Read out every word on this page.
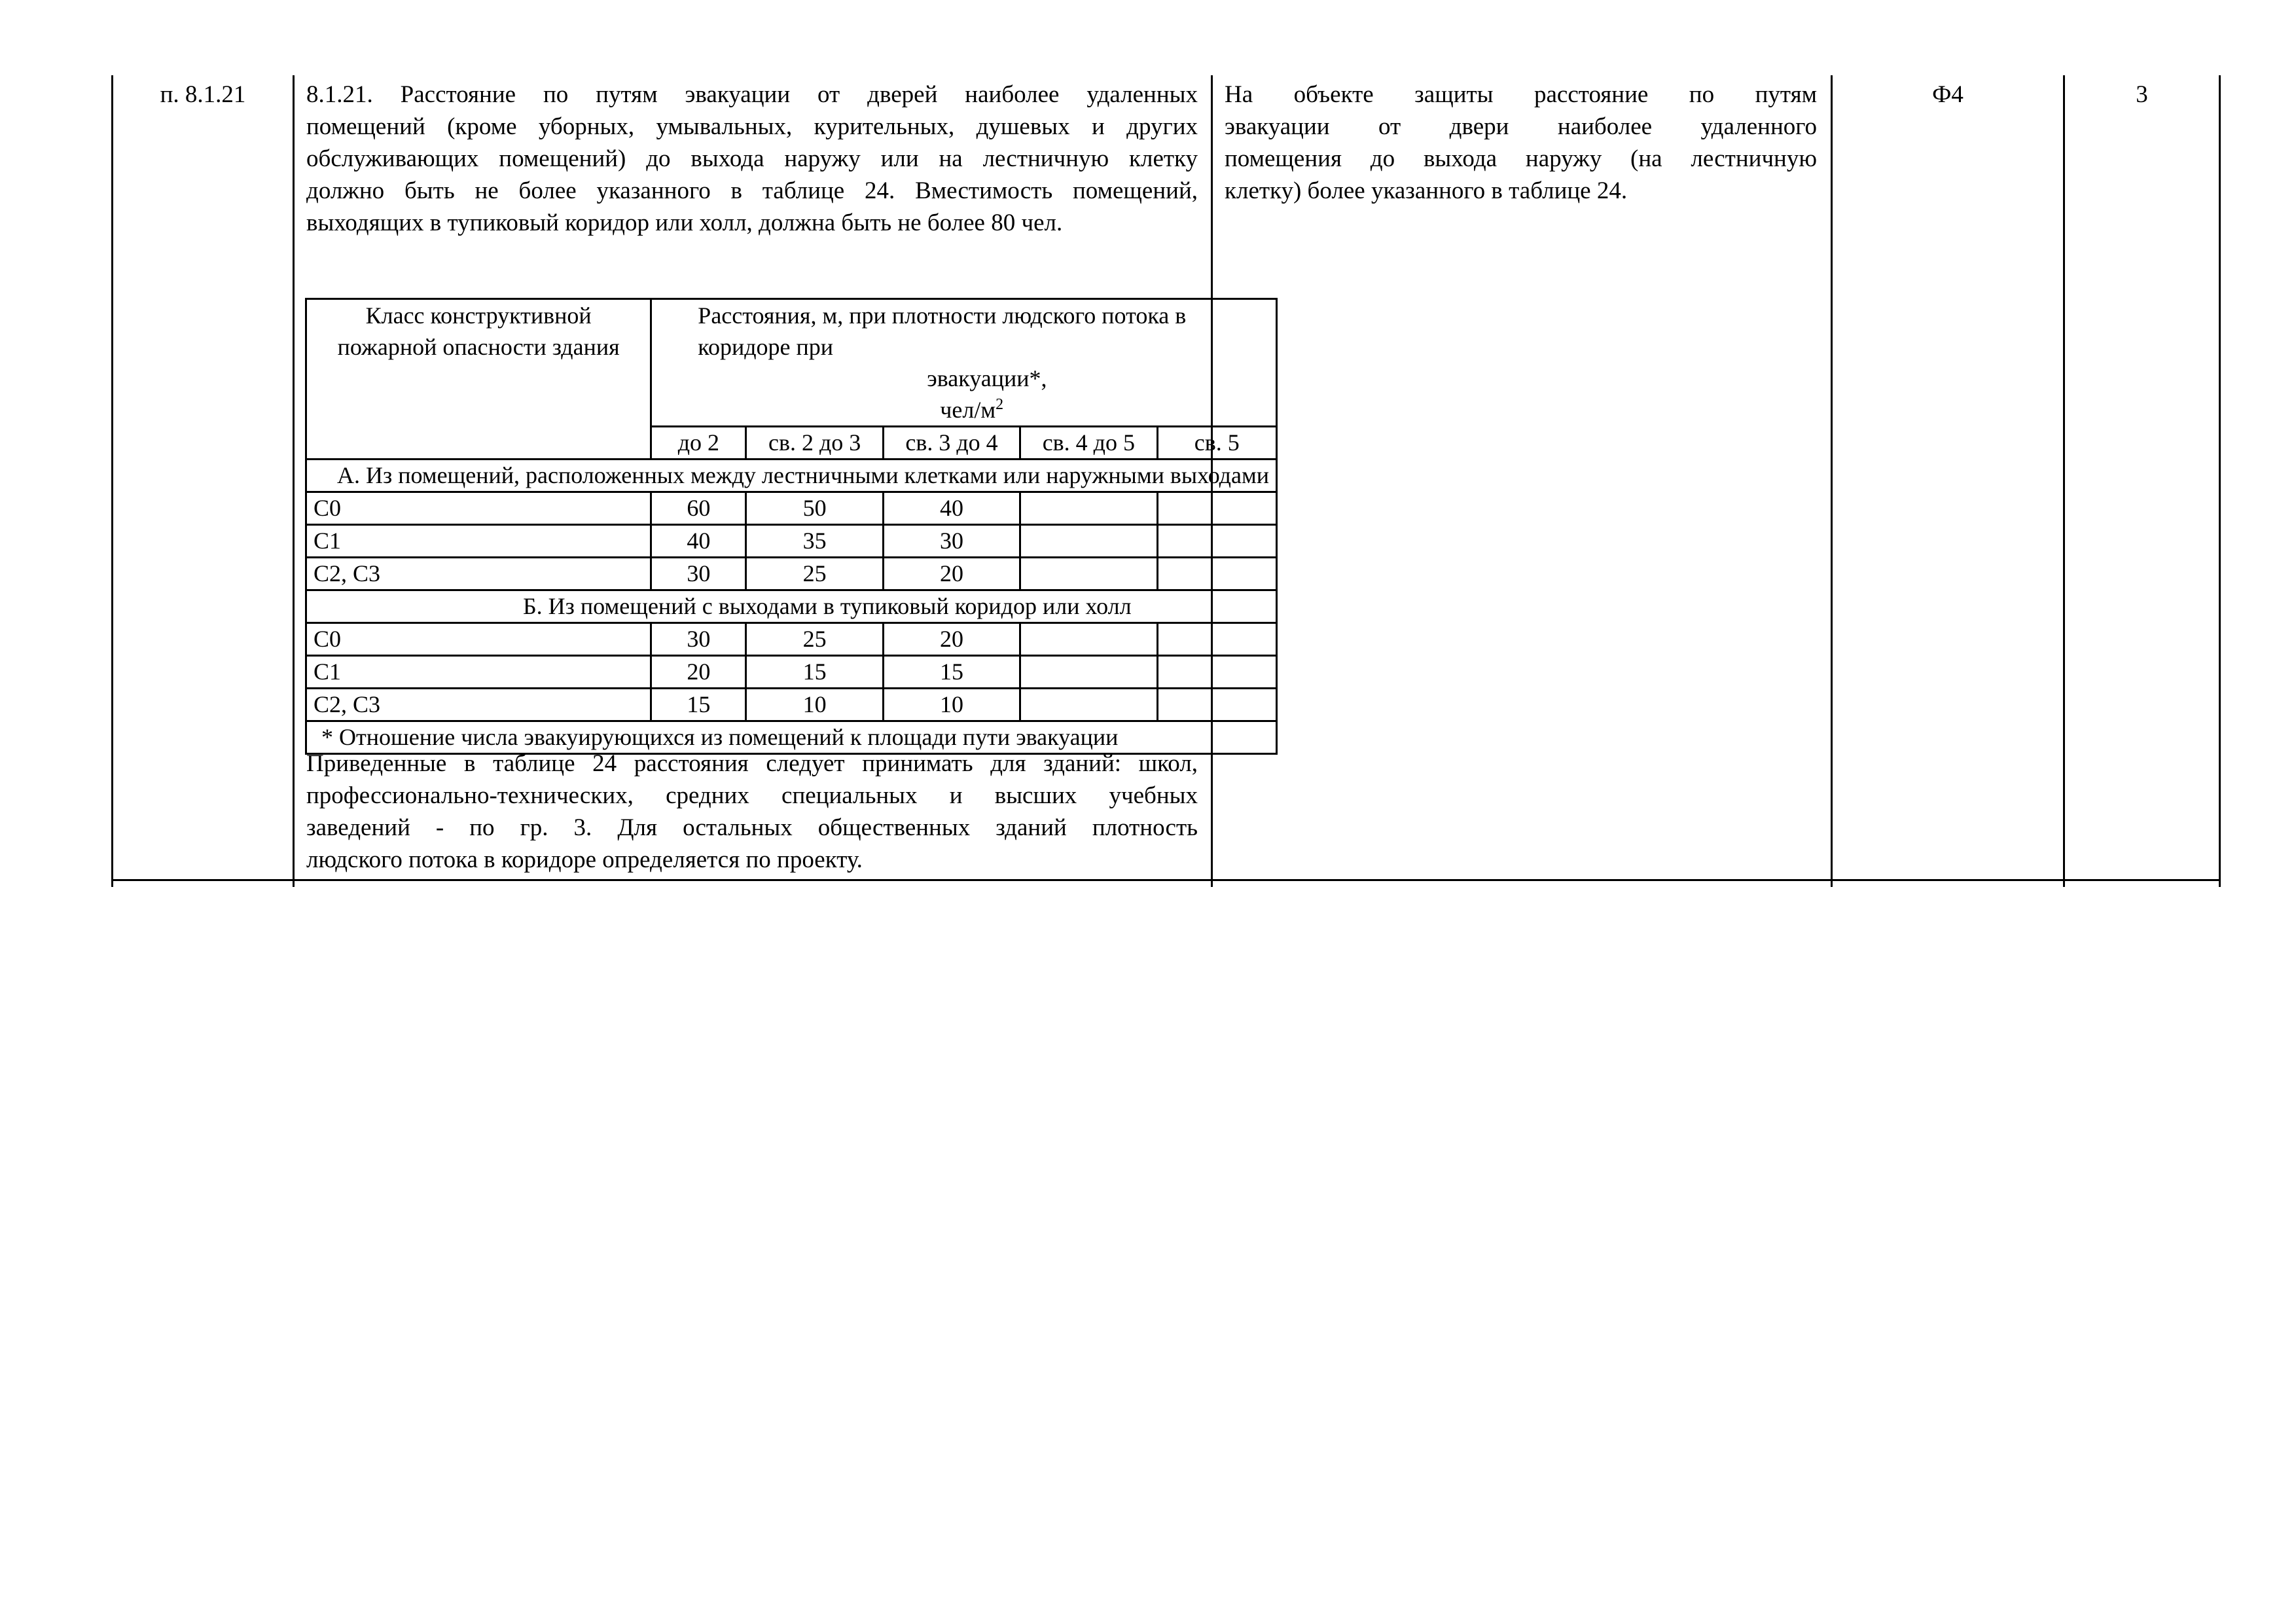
п. 8.1.21	8.1.21. Расстояние по путям эвакуации от дверей наиболее удаленных
помещений (кроме уборных, умывальных, курительных, душевых и других
обслуживающих помещений) до выхода наружу или на лестничную клетку
должно быть не более указанного в таблице 24. Вместимость помещений,
выходящих в тупиковый коридор или холл, должна быть не более 80 чел.
Класс конструктивной пожарной опасности здания	Расстояния, м, при плотности людского потока в коридоре при
эвакуации*,
чел/$м^2$
	до 2	св. 2 до 3	св. 3 до 4	св. 4 до 5	св. 5
А. Из помещений, расположенных между лестничными клетками или наружными выходами					
С0	60	50	40		
С1	40	35	30		
С2, С3	30	25	20		
Б. Из помещений с выходами в тупиковый коридор или холл					
С0	30	25	20		
С1	20	15	15		
С2, С3	15	10	10		
* Отношение числа эвакуирующихся из помещений к площади пути эвакуации					
Приведенные в таблице 24 расстояния следует принимать для зданий: школ,
профессионально-технических, средних специальных и высших учебных
заведений - по гр. 3. Для остальных общественных зданий плотность
людского потока в коридоре определяется по проекту.
На объекте защиты расстояние по путям
эвакуации от двери наиболее удаленного
помещения до выхода наружу (на лестничную
клетку) более указанного в таблице 24.
Ф4	3
